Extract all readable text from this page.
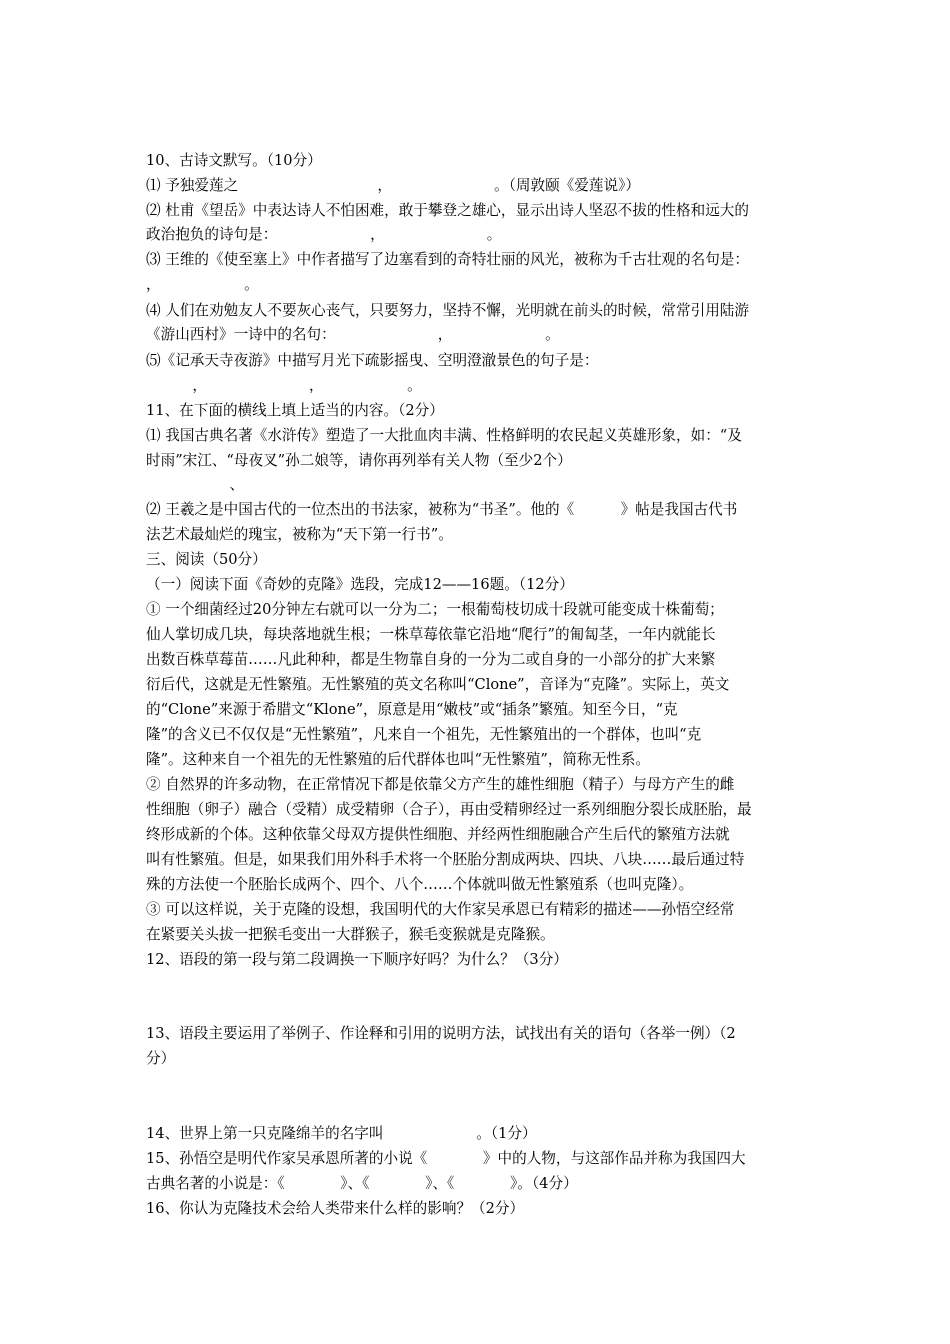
10、古诗文默写。（10分）
⑴ 予独爱莲之                              ，                      。（周敦颐《爱莲说》）
⑵ 杜甫《望岳》中表达诗人不怕困难，敢于攀登之雄心，显示出诗人坚忍不拔的性格和远大的
政治抱负的诗句是：                    ，                      。
⑶ 王维的《使至塞上》中作者描写了边塞看到的奇特壮丽的风光，被称为千古壮观的名句是：
，                  。
⑷ 人们在劝勉友人不要灰心丧气，只要努力，坚持不懈，光明就在前头的时候，常常引用陆游
《游山西村》一诗中的名句：                      ，                    。
⑸《记承天寺夜游》中描写月光下疏影摇曳、空明澄澈景色的句子是：
，                      ，                  。
11、在下面的横线上填上适当的内容。（2分）
⑴ 我国古典名著《水浒传》塑造了一大批血肉丰满、性格鲜明的农民起义英雄形象，如：“及
时雨”宋江、“母夜叉”孙二娘等，请你再列举有关人物（至少2个）
、
⑵ 王羲之是中国古代的一位杰出的书法家，被称为“书圣”。他的《          》帖是我国古代书
法艺术最灿烂的瑰宝，被称为“天下第一行书”。
三、阅读（50分）
（一）阅读下面《奇妙的克隆》选段，完成12——16题。（12分）
① 一个细菌经过20分钟左右就可以一分为二；一根葡萄枝切成十段就可能变成十株葡萄；
仙人掌切成几块，每块落地就生根；一株草莓依靠它沿地“爬行”的匍匐茎，一年内就能长
出数百株草莓苗……凡此种种，都是生物靠自身的一分为二或自身的一小部分的扩大来繁
衍后代，这就是无性繁殖。无性繁殖的英文名称叫“Clone”，音译为“克隆”。实际上，英文
的“Clone”来源于希腊文“Klone”，原意是用“嫩枝”或“插条”繁殖。知至今日，“克
隆”的含义已不仅仅是“无性繁殖”，凡来自一个祖先，无性繁殖出的一个群体，也叫“克
隆”。这种来自一个祖先的无性繁殖的后代群体也叫“无性繁殖”，简称无性系。
② 自然界的许多动物，在正常情况下都是依靠父方产生的雄性细胞（精子）与母方产生的雌
性细胞（卵子）融合（受精）成受精卵（合子），再由受精卵经过一系列细胞分裂长成胚胎，最
终形成新的个体。这种依靠父母双方提供性细胞、并经两性细胞融合产生后代的繁殖方法就
叫有性繁殖。但是，如果我们用外科手术将一个胚胎分割成两块、四块、八块……最后通过特
殊的方法使一个胚胎长成两个、四个、八个……个体就叫做无性繁殖系（也叫克隆）。
③ 可以这样说，关于克隆的设想，我国明代的大作家吴承恩已有精彩的描述——孙悟空经常
在紧要关头拔一把猴毛变出一大群猴子，猴毛变猴就是克隆猴。
12、语段的第一段与第二段调换一下顺序好吗？为什么？（3分）
13、语段主要运用了举例子、作诠释和引用的说明方法，试找出有关的语句（各举一例）（2
分）
14、世界上第一只克隆绵羊的名字叫                    。（1分）
15、孙悟空是明代作家吴承恩所著的小说《            》中的人物，与这部作品并称为我国四大
古典名著的小说是：《            》、《            》、《            》。（4分）
16、你认为克隆技术会给人类带来什么样的影响？（2分）
